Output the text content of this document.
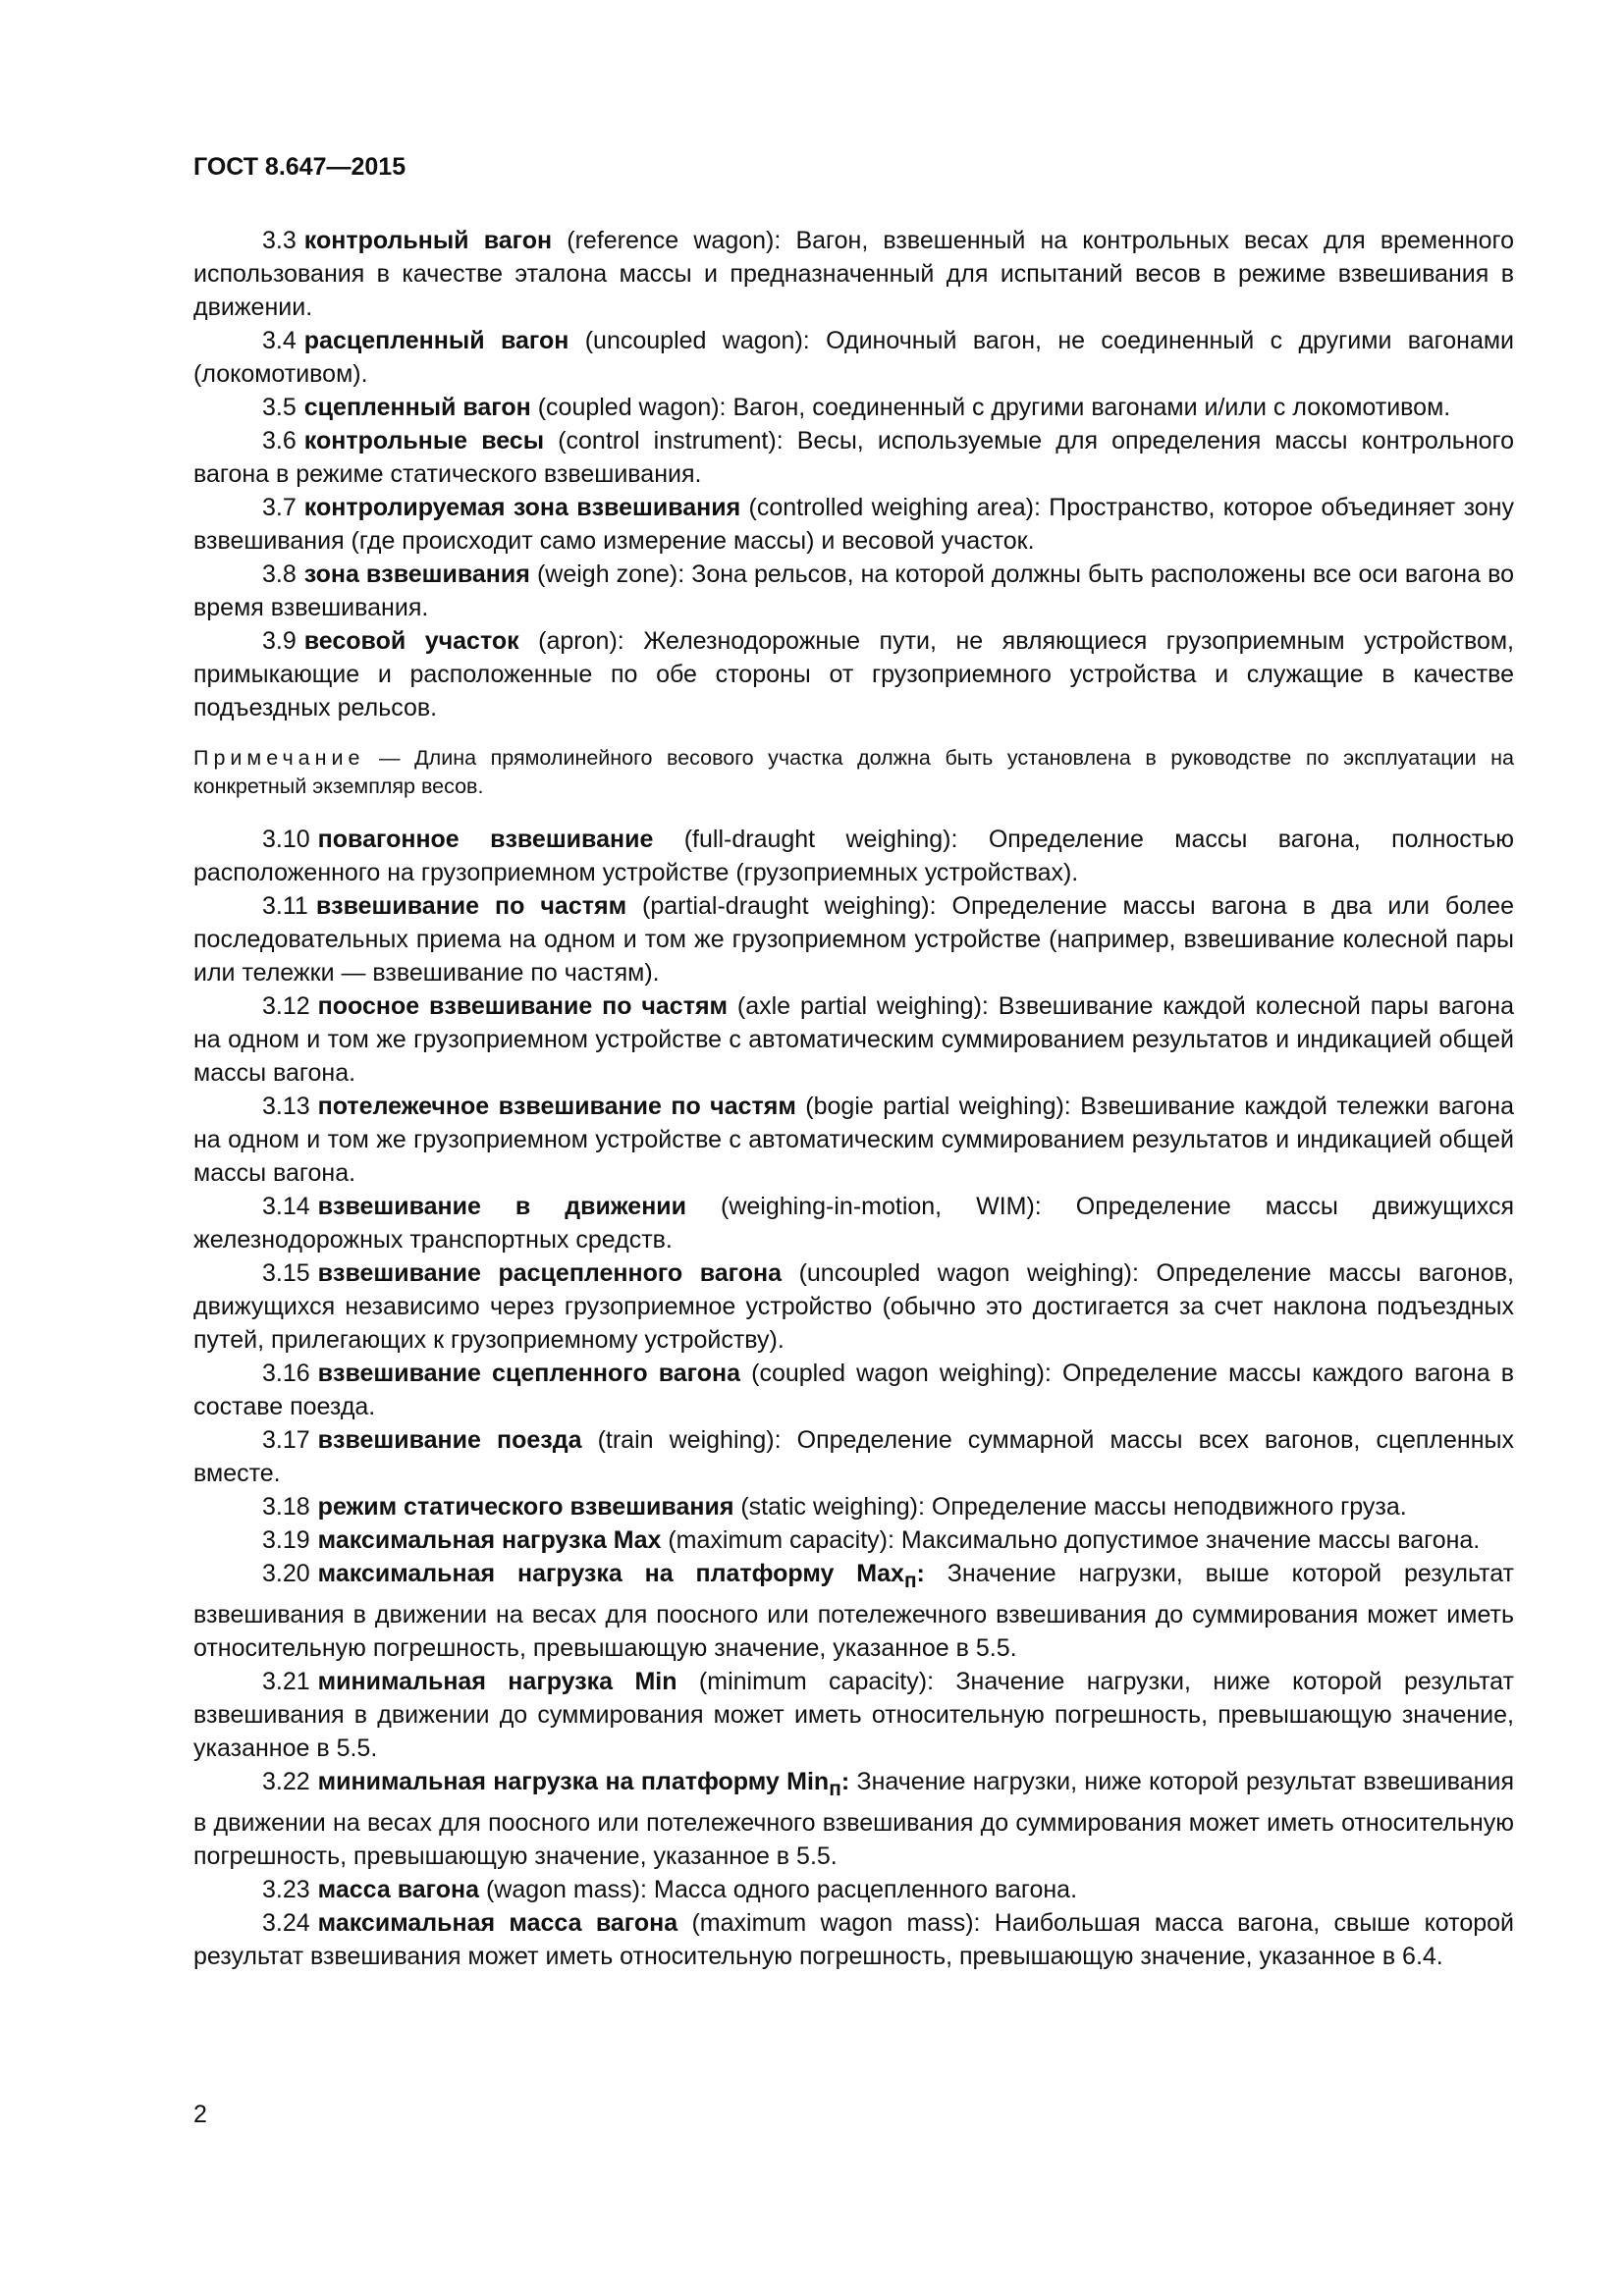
ГОСТ 8.647—2015
3.3 контрольный вагон (reference wagon): Вагон, взвешенный на контрольных весах для временного использования в качестве эталона массы и предназначенный для испытаний весов в режиме взвешивания в движении.
3.4 расцепленный вагон (uncoupled wagon): Одиночный вагон, не соединенный с другими вагонами (локомотивом).
3.5 сцепленный вагон (coupled wagon): Вагон, соединенный с другими вагонами и/или с локомотивом.
3.6 контрольные весы (control instrument): Весы, используемые для определения массы контрольного вагона в режиме статического взвешивания.
3.7 контролируемая зона взвешивания (controlled weighing area): Пространство, которое объединяет зону взвешивания (где происходит само измерение массы) и весовой участок.
3.8 зона взвешивания (weigh zone): Зона рельсов, на которой должны быть расположены все оси вагона во время взвешивания.
3.9 весовой участок (apron): Железнодорожные пути, не являющиеся грузоприемным устройством, примыкающие и расположенные по обе стороны от грузоприемного устройства и служащие в качестве подъездных рельсов.
Примечание — Длина прямолинейного весового участка должна быть установлена в руководстве по эксплуатации на конкретный экземпляр весов.
3.10 повагонное взвешивание (full-draught weighing): Определение массы вагона, полностью расположенного на грузоприемном устройстве (грузоприемных устройствах).
3.11 взвешивание по частям (partial-draught weighing): Определение массы вагона в два или более последовательных приема на одном и том же грузоприемном устройстве (например, взвешивание колесной пары или тележки — взвешивание по частям).
3.12 поосное взвешивание по частям (axle partial weighing): Взвешивание каждой колесной пары вагона на одном и том же грузоприемном устройстве с автоматическим суммированием результатов и индикацией общей массы вагона.
3.13 потележечное взвешивание по частям (bogie partial weighing): Взвешивание каждой тележки вагона на одном и том же грузоприемном устройстве с автоматическим суммированием результатов и индикацией общей массы вагона.
3.14 взвешивание в движении (weighing-in-motion, WIM): Определение массы движущихся железнодорожных транспортных средств.
3.15 взвешивание расцепленного вагона (uncoupled wagon weighing): Определение массы вагонов, движущихся независимо через грузоприемное устройство (обычно это достигается за счет наклона подъездных путей, прилегающих к грузоприемному устройству).
3.16 взвешивание сцепленного вагона (coupled wagon weighing): Определение массы каждого вагона в составе поезда.
3.17 взвешивание поезда (train weighing): Определение суммарной массы всех вагонов, сцепленных вместе.
3.18 режим статического взвешивания (static weighing): Определение массы неподвижного груза.
3.19 максимальная нагрузка Max (maximum capacity): Максимально допустимое значение массы вагона.
3.20 максимальная нагрузка на платформу Max$_п$: Значение нагрузки, выше которой результат взвешивания в движении на весах для поосного или потележечного взвешивания до суммирования может иметь относительную погрешность, превышающую значение, указанное в 5.5.
3.21 минимальная нагрузка Min (minimum capacity): Значение нагрузки, ниже которой результат взвешивания в движении до суммирования может иметь относительную погрешность, превышающую значение, указанное в 5.5.
3.22 минимальная нагрузка на платформу Min$_п$: Значение нагрузки, ниже которой результат взвешивания в движении на весах для поосного или потележечного взвешивания до суммирования может иметь относительную погрешность, превышающую значение, указанное в 5.5.
3.23 масса вагона (wagon mass): Масса одного расцепленного вагона.
3.24 максимальная масса вагона (maximum wagon mass): Наибольшая масса вагона, свыше которой результат взвешивания может иметь относительную погрешность, превышающую значение, указанное в 6.4.
2
